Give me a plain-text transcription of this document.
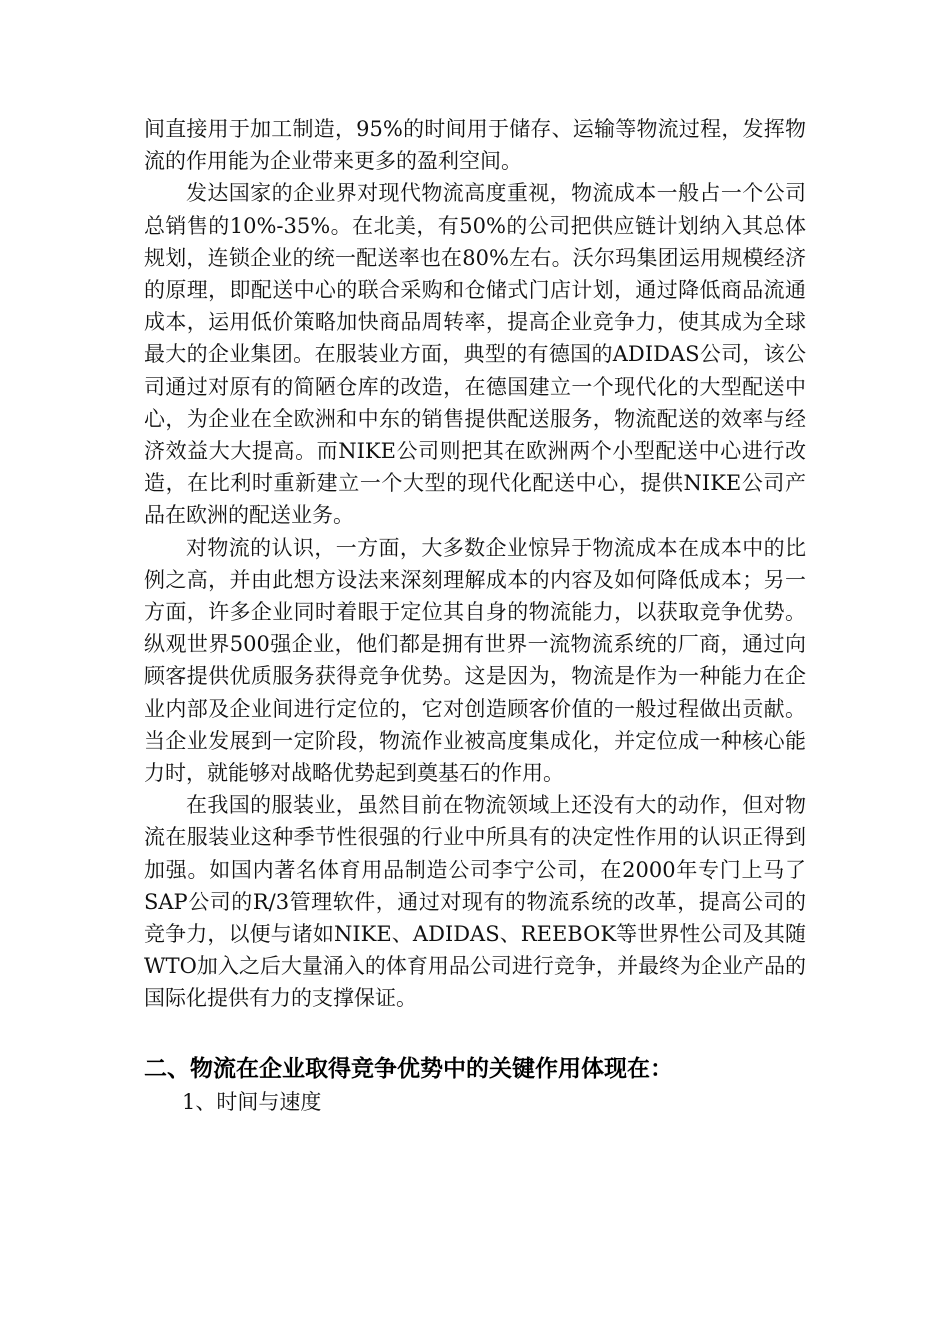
间直接用于加工制造，95%的时间用于储存、运输等物流过程，发挥物流的作用能为企业带来更多的盈利空间。

发达国家的企业界对现代物流高度重视，物流成本一般占一个公司总销售的10%-35%。在北美，有50%的公司把供应链计划纳入其总体规划，连锁企业的统一配送率也在80%左右。沃尔玛集团运用规模经济的原理，即配送中心的联合采购和仓储式门店计划，通过降低商品流通成本，运用低价策略加快商品周转率，提高企业竞争力，使其成为全球最大的企业集团。在服装业方面，典型的有德国的ADIDAS公司，该公司通过对原有的简陋仓库的改造，在德国建立一个现代化的大型配送中心，为企业在全欧洲和中东的销售提供配送服务，物流配送的效率与经济效益大大提高。而NIKE公司则把其在欧洲两个小型配送中心进行改造，在比利时重新建立一个大型的现代化配送中心，提供NIKE公司产品在欧洲的配送业务。

对物流的认识，一方面，大多数企业惊异于物流成本在成本中的比例之高，并由此想方设法来深刻理解成本的内容及如何降低成本；另一方面，许多企业同时着眼于定位其自身的物流能力，以获取竞争优势。纵观世界500强企业，他们都是拥有世界一流物流系统的厂商，通过向顾客提供优质服务获得竞争优势。这是因为，物流是作为一种能力在企业内部及企业间进行定位的，它对创造顾客价值的一般过程做出贡献。当企业发展到一定阶段，物流作业被高度集成化，并定位成一种核心能力时，就能够对战略优势起到奠基石的作用。

在我国的服装业，虽然目前在物流领域上还没有大的动作，但对物流在服装业这种季节性很强的行业中所具有的决定性作用的认识正得到加强。如国内著名体育用品制造公司李宁公司，在2000年专门上马了SAP公司的R/3管理软件，通过对现有的物流系统的改革，提高公司的竞争力，以便与诸如NIKE、ADIDAS、REEBOK等世界性公司及其随WTO加入之后大量涌入的体育用品公司进行竞争，并最终为企业产品的国际化提供有力的支撑保证。

二、物流在企业取得竞争优势中的关键作用体现在：

1、时间与速度
